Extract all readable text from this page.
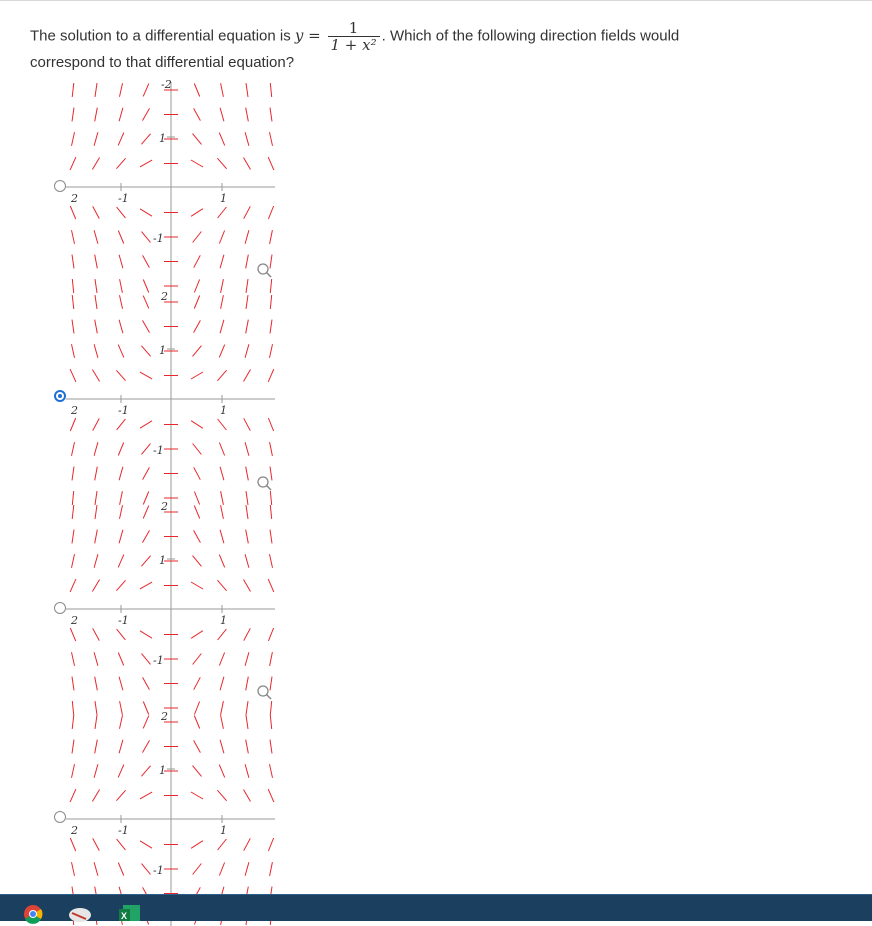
The solution to a differential equation is $y = \frac{1}{\text{1 + x²}}$ . Which of the following direction fields would
correspond to that differential equation?
2	-1	1
1
-1
-2
2	-1	1
1
-1
2
2	-1	1
1
-1
2
2	-1	1
1
-1
2
X
